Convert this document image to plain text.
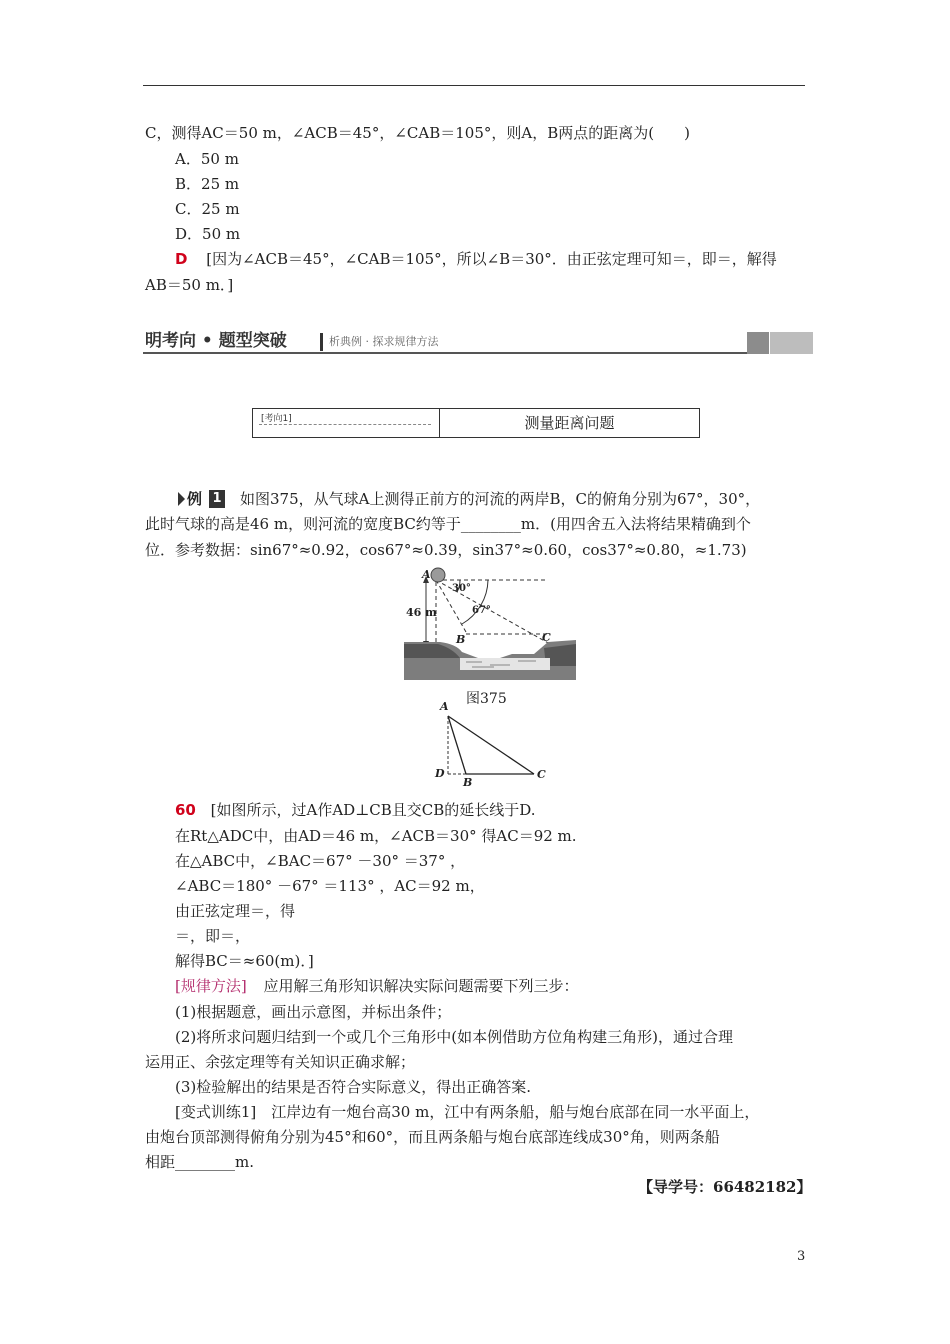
C，测得AC＝50 m，∠ACB＝45°，∠CAB＝105°，则A，B两点的距离为(　　)
A．50 m
B．25 m
C．25 m
D．50 m
D [因为∠ACB＝45°，∠CAB＝105°，所以∠B＝30°．由正弦定理可知＝，即＝，解得
AB＝50 m．]
明考向 • 题型突破	析典例 · 探求规律方法
[考向1]	测量距离问题
例 1 如图375，从气球A上测得正前方的河流的两岸B，C的俯角分别为67°，30°，
此时气球的高是46 m，则河流的宽度BC约等于________m．(用四舍五入法将结果精确到个
位．参考数据：sin67°≈0.92，cos67°≈0.39，sin37°≈0.60，cos37°≈0.80，≈1.73)
A
46 m
30°
67°
B	C
图375
A
D
B
C
60 [如图所示，过A作AD⊥CB且交CB的延长线于D.
在Rt△ADC中，由AD＝46 m，∠ACB＝30° 得AC＝92 m.
在△ABC中，∠BAC＝67° －30° ＝37° ，
∠ABC＝180° －67° ＝113° ，AC＝92 m，
由正弦定理＝，得
＝，即＝，
解得BC＝≈60(m)．]
[规律方法] 应用解三角形知识解决实际问题需要下列三步：
(1)根据题意，画出示意图，并标出条件；
(2)将所求问题归结到一个或几个三角形中(如本例借助方位角构建三角形)，通过合理
运用正、余弦定理等有关知识正确求解；
(3)检验解出的结果是否符合实际意义，得出正确答案.
[变式训练1]　江岸边有一炮台高30 m，江中有两条船，船与炮台底部在同一水平面上，
由炮台顶部测得俯角分别为45°和60°，而且两条船与炮台底部连线成30°角，则两条船
相距________m.
【导学号：66482182】
3
